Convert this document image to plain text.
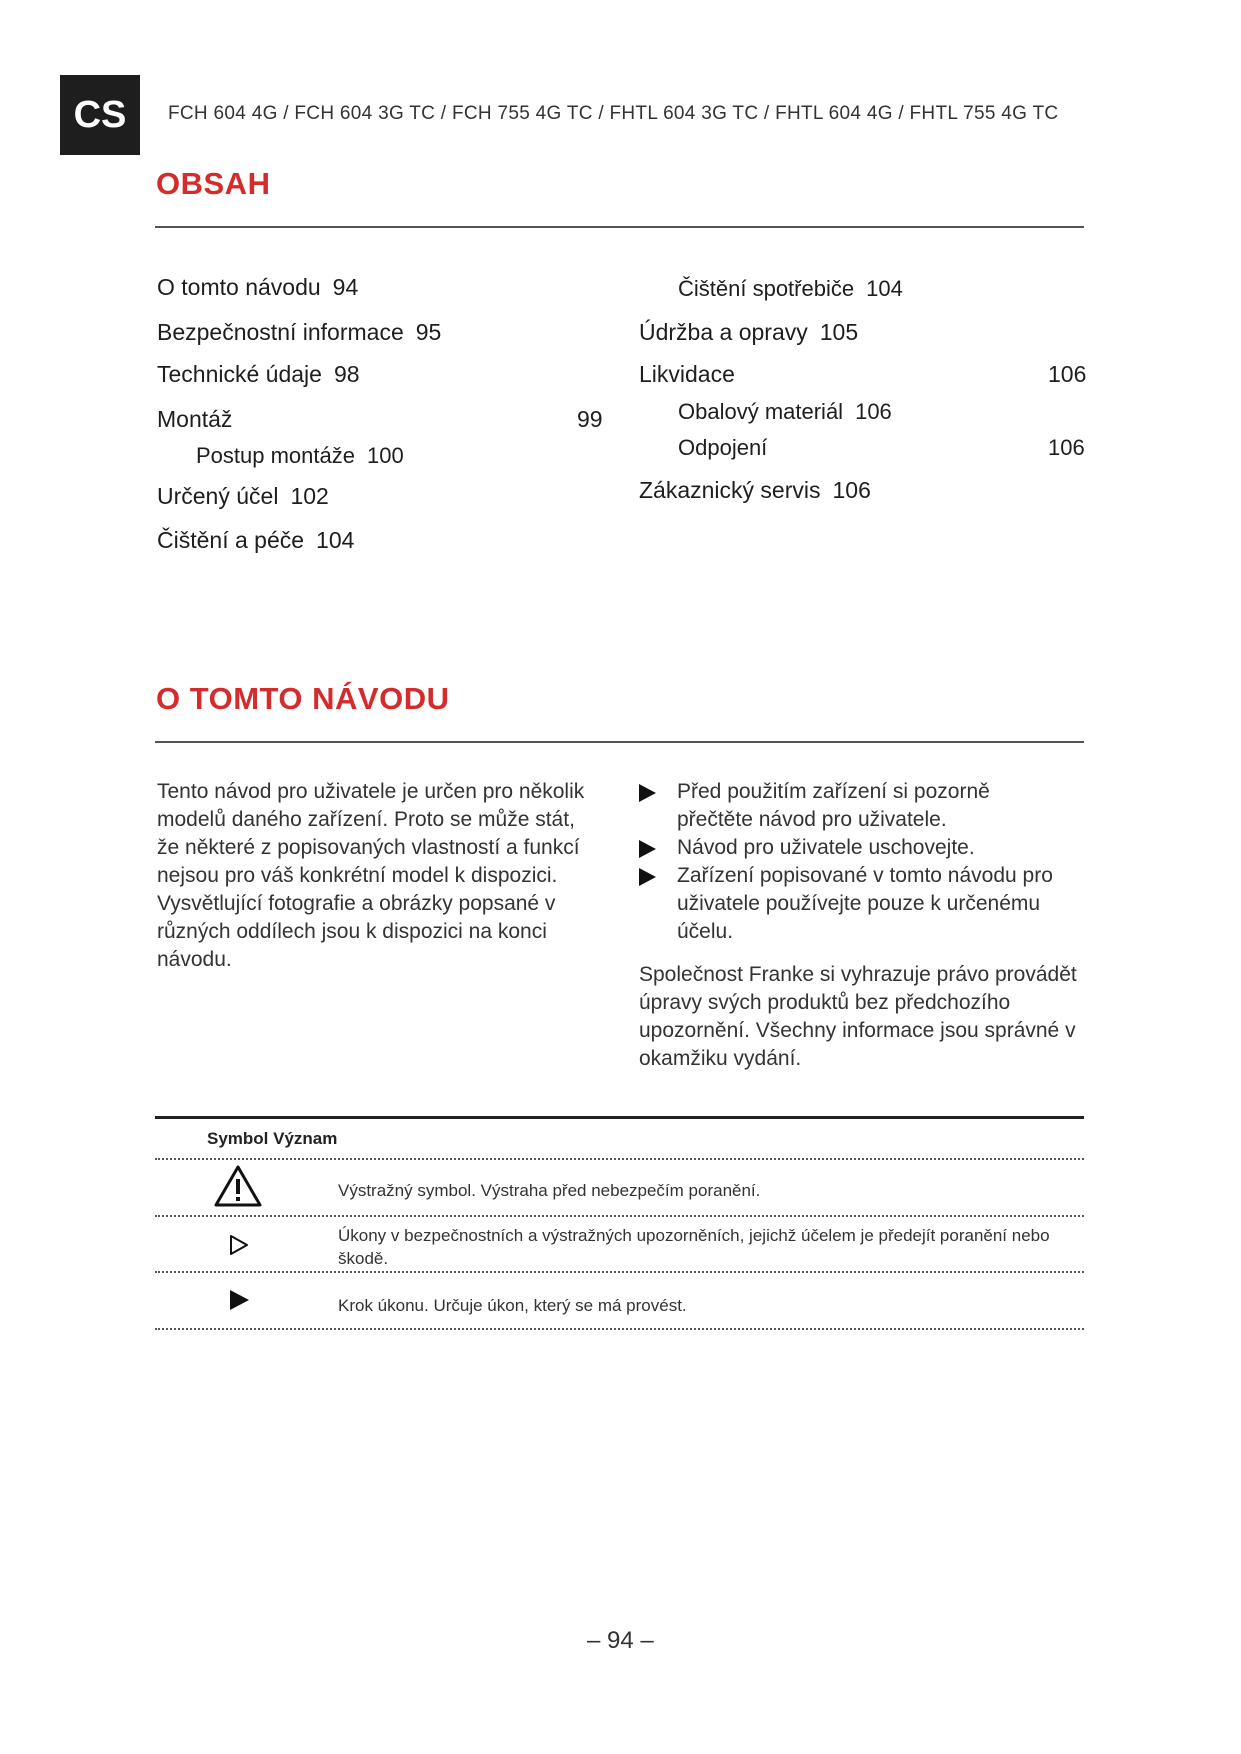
CS	FCH 604 4G / FCH 604 3G TC / FCH 755 4G TC / FHTL 604 3G TC / FHTL 604 4G / FHTL 755 4G TC
OBSAH
O tomto návodu 94
Bezpečnostní informace 95
Technické údaje 98
Montáž	99
Postup montáže 100
Určený účel 102
Čištění a péče 104
Čištění spotřebiče 104
Údržba a opravy 105
Likvidace	106
Obalový materiál 106
Odpojení	106
Zákaznický servis 106
O TOMTO NÁVODU
Tento návod pro uživatele je určen pro několik modelů daného zařízení. Proto se může stát, že některé z popisovaných vlastností a funkcí nejsou pro váš konkrétní model k dispozici. Vysvětlující fotografie a obrázky popsané v různých oddílech jsou k dispozici na konci návodu.
Před použitím zařízení si pozorně přečtěte návod pro uživatele.
Návod pro uživatele uschovejte.
Zařízení popisované v tomto návodu pro uživatele používejte pouze k určenému účelu.
Společnost Franke si vyhrazuje právo provádět úpravy svých produktů bez předchozího upozornění. Všechny informace jsou správné v okamžiku vydání.
Symbol Význam
Výstražný symbol. Výstraha před nebezpečím poranění.
Úkony v bezpečnostních a výstražných upozorněních, jejichž účelem je předejít poranění nebo škodě.
Krok úkonu. Určuje úkon, který se má provést.
– 94 –
